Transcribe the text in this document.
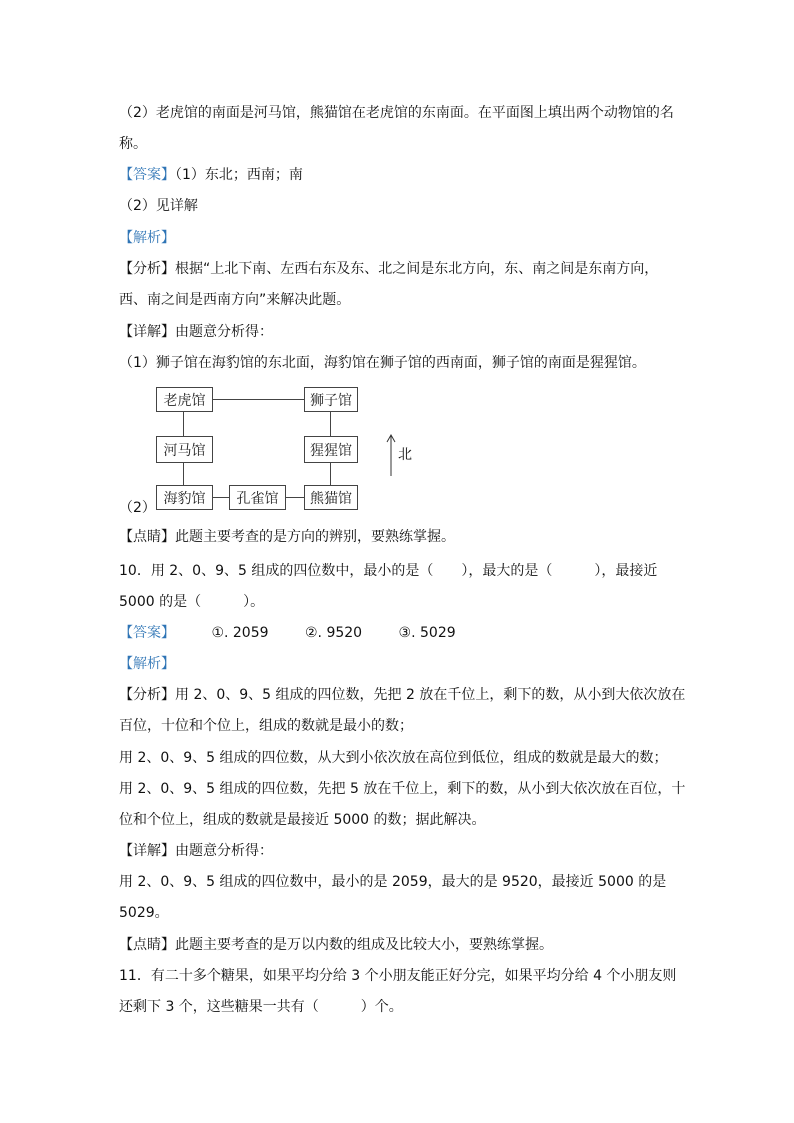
（2）老虎馆的南面是河马馆，熊猫馆在老虎馆的东南面。在平面图上填出两个动物馆的名
称。
【答案】（1）东北；西南；南
（2）见详解
【解析】
【分析】根据“上北下南、左西右东及东、北之间是东北方向，东、南之间是东南方向，
西、南之间是西南方向”来解决此题。
【详解】由题意分析得：
（1）狮子馆在海豹馆的东北面，海豹馆在狮子馆的西南面，狮子馆的南面是猩猩馆。
老虎馆	狮子馆
河马馆	猩猩馆
海豹馆	孔雀馆	熊猫馆
北
（2）
【点睛】此题主要考查的是方向的辨别，要熟练掌握。
10．用 2、0、9、5 组成的四位数中，最小的是（　　），最大的是（　　　），最接近
5000 的是（　　　）。
【答案】	①. 2059	②. 9520	③. 5029
【解析】
【分析】用 2、0、9、5 组成的四位数，先把 2 放在千位上，剩下的数，从小到大依次放在
百位，十位和个位上，组成的数就是最小的数；
用 2、0、9、5 组成的四位数，从大到小依次放在高位到低位，组成的数就是最大的数；
用 2、0、9、5 组成的四位数，先把 5 放在千位上，剩下的数，从小到大依次放在百位，十
位和个位上，组成的数就是最接近 5000 的数；据此解决。
【详解】由题意分析得：
用 2、0、9、5 组成的四位数中，最小的是 2059，最大的是 9520，最接近 5000 的是
5029。
【点睛】此题主要考查的是万以内数的组成及比较大小，要熟练掌握。
11．有二十多个糖果，如果平均分给 3 个小朋友能正好分完，如果平均分给 4 个小朋友则
还剩下 3 个，这些糖果一共有（　　　）个。
